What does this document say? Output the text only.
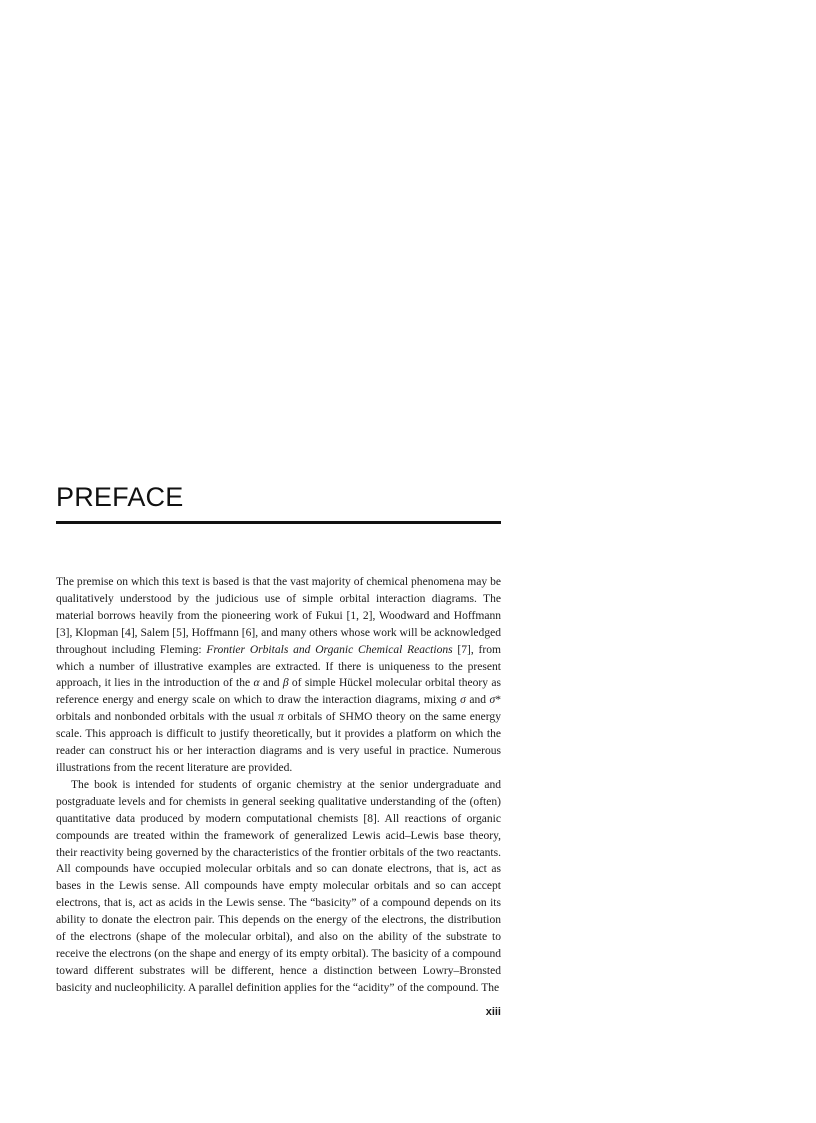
PREFACE

The premise on which this text is based is that the vast majority of chemical phenomena may be qualitatively understood by the judicious use of simple orbital interaction diagrams. The material borrows heavily from the pioneering work of Fukui [1, 2], Woodward and Hoffmann [3], Klopman [4], Salem [5], Hoffmann [6], and many others whose work will be acknowledged throughout including Fleming: Frontier Orbitals and Organic Chemical Reactions [7], from which a number of illustrative examples are extracted. If there is uniqueness to the present approach, it lies in the introduction of the α and β of simple Hückel molecular orbital theory as reference energy and energy scale on which to draw the interaction diagrams, mixing σ and σ* orbitals and nonbonded orbitals with the usual π orbitals of SHMO theory on the same energy scale. This approach is difficult to justify theoretically, but it provides a platform on which the reader can construct his or her interaction diagrams and is very useful in practice. Numerous illustrations from the recent literature are provided.

The book is intended for students of organic chemistry at the senior undergraduate and postgraduate levels and for chemists in general seeking qualitative understanding of the (often) quantitative data produced by modern computational chemists [8]. All reactions of organic compounds are treated within the framework of generalized Lewis acid–Lewis base theory, their reactivity being governed by the characteristics of the frontier orbitals of the two reactants. All compounds have occupied molecular orbitals and so can donate electrons, that is, act as bases in the Lewis sense. All compounds have empty molecular orbitals and so can accept electrons, that is, act as acids in the Lewis sense. The “basicity” of a compound depends on its ability to donate the electron pair. This depends on the energy of the electrons, the distribution of the electrons (shape of the molecular orbital), and also on the ability of the substrate to receive the electrons (on the shape and energy of its empty orbital). The basicity of a compound toward different substrates will be different, hence a distinction between Lowry–Bronsted basicity and nucleophilicity. A parallel definition applies for the “acidity” of the compound. The

xiii
